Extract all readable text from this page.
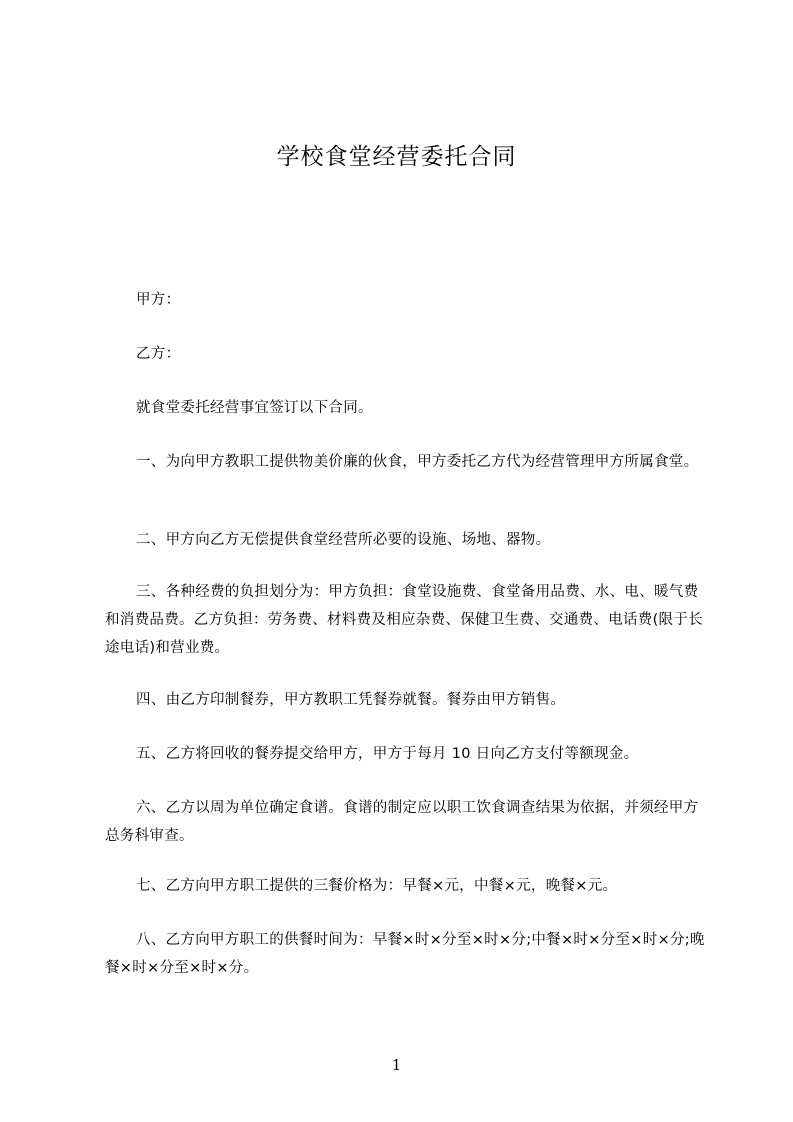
学校食堂经营委托合同
甲方：
乙方：
就食堂委托经营事宜签订以下合同。
一、为向甲方教职工提供物美价廉的伙食，甲方委托乙方代为经营管理甲方所属食堂。
二、甲方向乙方无偿提供食堂经营所必要的设施、场地、器物。
三、各种经费的负担划分为：甲方负担：食堂设施费、食堂备用品费、水、电、暖气费和消费品费。乙方负担：劳务费、材料费及相应杂费、保健卫生费、交通费、电话费(限于长途电话)和营业费。
四、由乙方印制餐券，甲方教职工凭餐券就餐。餐券由甲方销售。
五、乙方将回收的餐券提交给甲方，甲方于每月 10 日向乙方支付等额现金。
六、乙方以周为单位确定食谱。食谱的制定应以职工饮食调查结果为依据，并须经甲方总务科审查。
七、乙方向甲方职工提供的三餐价格为：早餐×元，中餐×元，晚餐×元。
八、乙方向甲方职工的供餐时间为：早餐×时×分至×时×分;中餐×时×分至×时×分;晚餐×时×分至×时×分。
1
